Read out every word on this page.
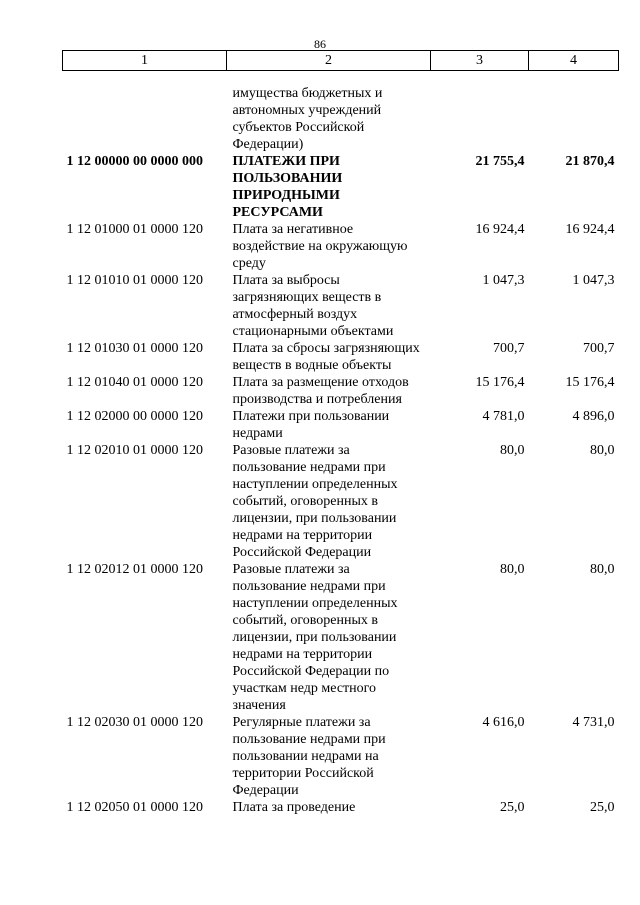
86
1	2	3	4
	имущества бюджетных и автономных учреждений субъектов Российской Федерации)		
1 12 00000 00 0000 000	ПЛАТЕЖИ ПРИ ПОЛЬЗОВАНИИ ПРИРОДНЫМИ РЕСУРСАМИ	21 755,4	21 870,4
1 12 01000 01 0000 120	Плата за негативное воздействие на окружающую среду	16 924,4	16 924,4
1 12 01010 01 0000 120	Плата за выбросы загрязняющих веществ в атмосферный воздух стационарными объектами	1 047,3	1 047,3
1 12 01030 01 0000 120	Плата за сбросы загрязняющих веществ в водные объекты	700,7	700,7
1 12 01040 01 0000 120	Плата за размещение отходов производства и потребления	15 176,4	15 176,4
1 12 02000 00 0000 120	Платежи при пользовании недрами	4 781,0	4 896,0
1 12 02010 01 0000 120	Разовые платежи за пользование недрами при наступлении определенных событий, оговоренных в лицензии, при пользовании недрами на территории Российской Федерации	80,0	80,0
1 12 02012 01 0000 120	Разовые платежи за пользование недрами при наступлении определенных событий, оговоренных в лицензии, при пользовании недрами на территории Российской Федерации по участкам недр местного значения	80,0	80,0
1 12 02030 01 0000 120	Регулярные платежи за пользование недрами при пользовании недрами на территории Российской Федерации	4 616,0	4 731,0
1 12 02050 01 0000 120	Плата за проведение	25,0	25,0
